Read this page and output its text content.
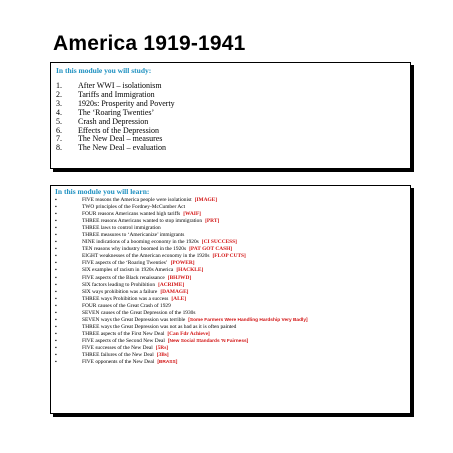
America 1919-1941
In this module you will study:
1.	After WWI – isolationism
2.	Tariffs and Immigration
3.	1920s: Prosperity and Poverty
4.	The ‘Roaring Twenties’
5.	Crash and Depression
6.	Effects of the Depression
7.	The New Deal – measures
8.	The New Deal – evaluation
In this module you will learn:
▪	FIVE reasons the America people were isolationist [IMAGE]
▪	TWO principles of the Fordney-McCumber Act
▪	FOUR reasons Americans wanted high tariffs [WAIF]
▪	THREE reasons Americans wanted to stop immigration [PRT]
▪	THREE laws to control immigration
▪	THREE measures to ‘Americanize’ immigrants
▪	NINE indications of a booming economy in the 1920s [CI SUCCESS]
▪	TEN reasons why industry boomed in the 1920s [PAT GOT CASH]
▪	EIGHT weaknesses of the American economy in the 1920s [FLOP CUTS]
▪	FIVE aspects of the ‘Roaring Twenties’ [POWER]
▪	SIX examples of racism in 1920s America [HACKLE]
▪	FIVE aspects of the Black renaissance [BHJWD]
▪	SIX factors leading to Prohibition [ACRIME]
▪	SIX ways prohibition was a failure [DAMAGE]
▪	THREE ways Prohibition was a success [ALE]
▪	FOUR causes of the Great Crash of 1929
▪	SEVEN causes of the Great Depression of the 1930s
▪	SEVEN ways the Great Depression was terrible [Some Farmers Were Handling Hardship Very Badly]
▪	THREE ways the Great Depression was not as bad as it is often painted
▪	THREE aspects of the First New Deal [Can Fdr Achieve]
▪	FIVE aspects of the Second New Deal [New Social Standards 'N Fairness]
▪	FIVE successes of the New Deal [5Rs]
▪	THREE failures of the New Deal [3Bs]
▪	FIVE opponents of the New Deal [BRASS]
